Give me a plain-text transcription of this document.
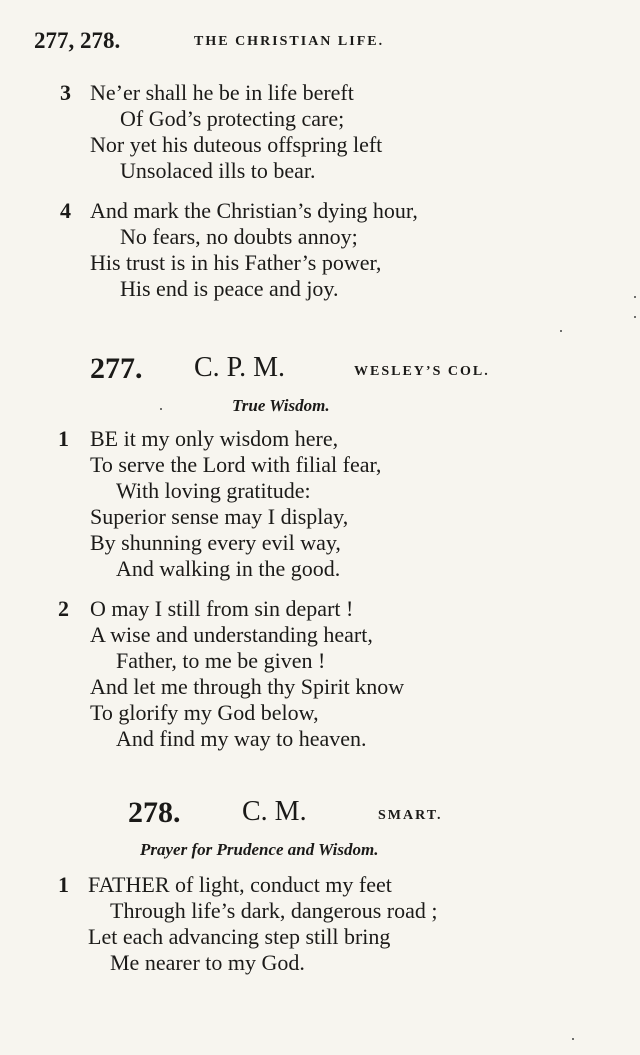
277, 278.	THE CHRISTIAN LIFE.
3 Ne’er shall he be in life bereft
Of God’s protecting care;
Nor yet his duteous offspring left
Unsolaced ills to bear.
4 And mark the Christian’s dying hour,
No fears, no doubts annoy;
His trust is in his Father’s power,
His end is peace and joy.
277. C. P. M.	WESLEY’S COL.
True Wisdom.
1 BE it my only wisdom here,
To serve the Lord with filial fear,
With loving gratitude:
Superior sense may I display,
By shunning every evil way,
And walking in the good.
2 O may I still from sin depart !
A wise and understanding heart,
Father, to me be given !
And let me through thy Spirit know
To glorify my God below,
And find my way to heaven.
278. C. M.	SMART.
Prayer for Prudence and Wisdom.
1 FATHER of light, conduct my feet
Through life’s dark, dangerous road ;
Let each advancing step still bring
Me nearer to my God.
